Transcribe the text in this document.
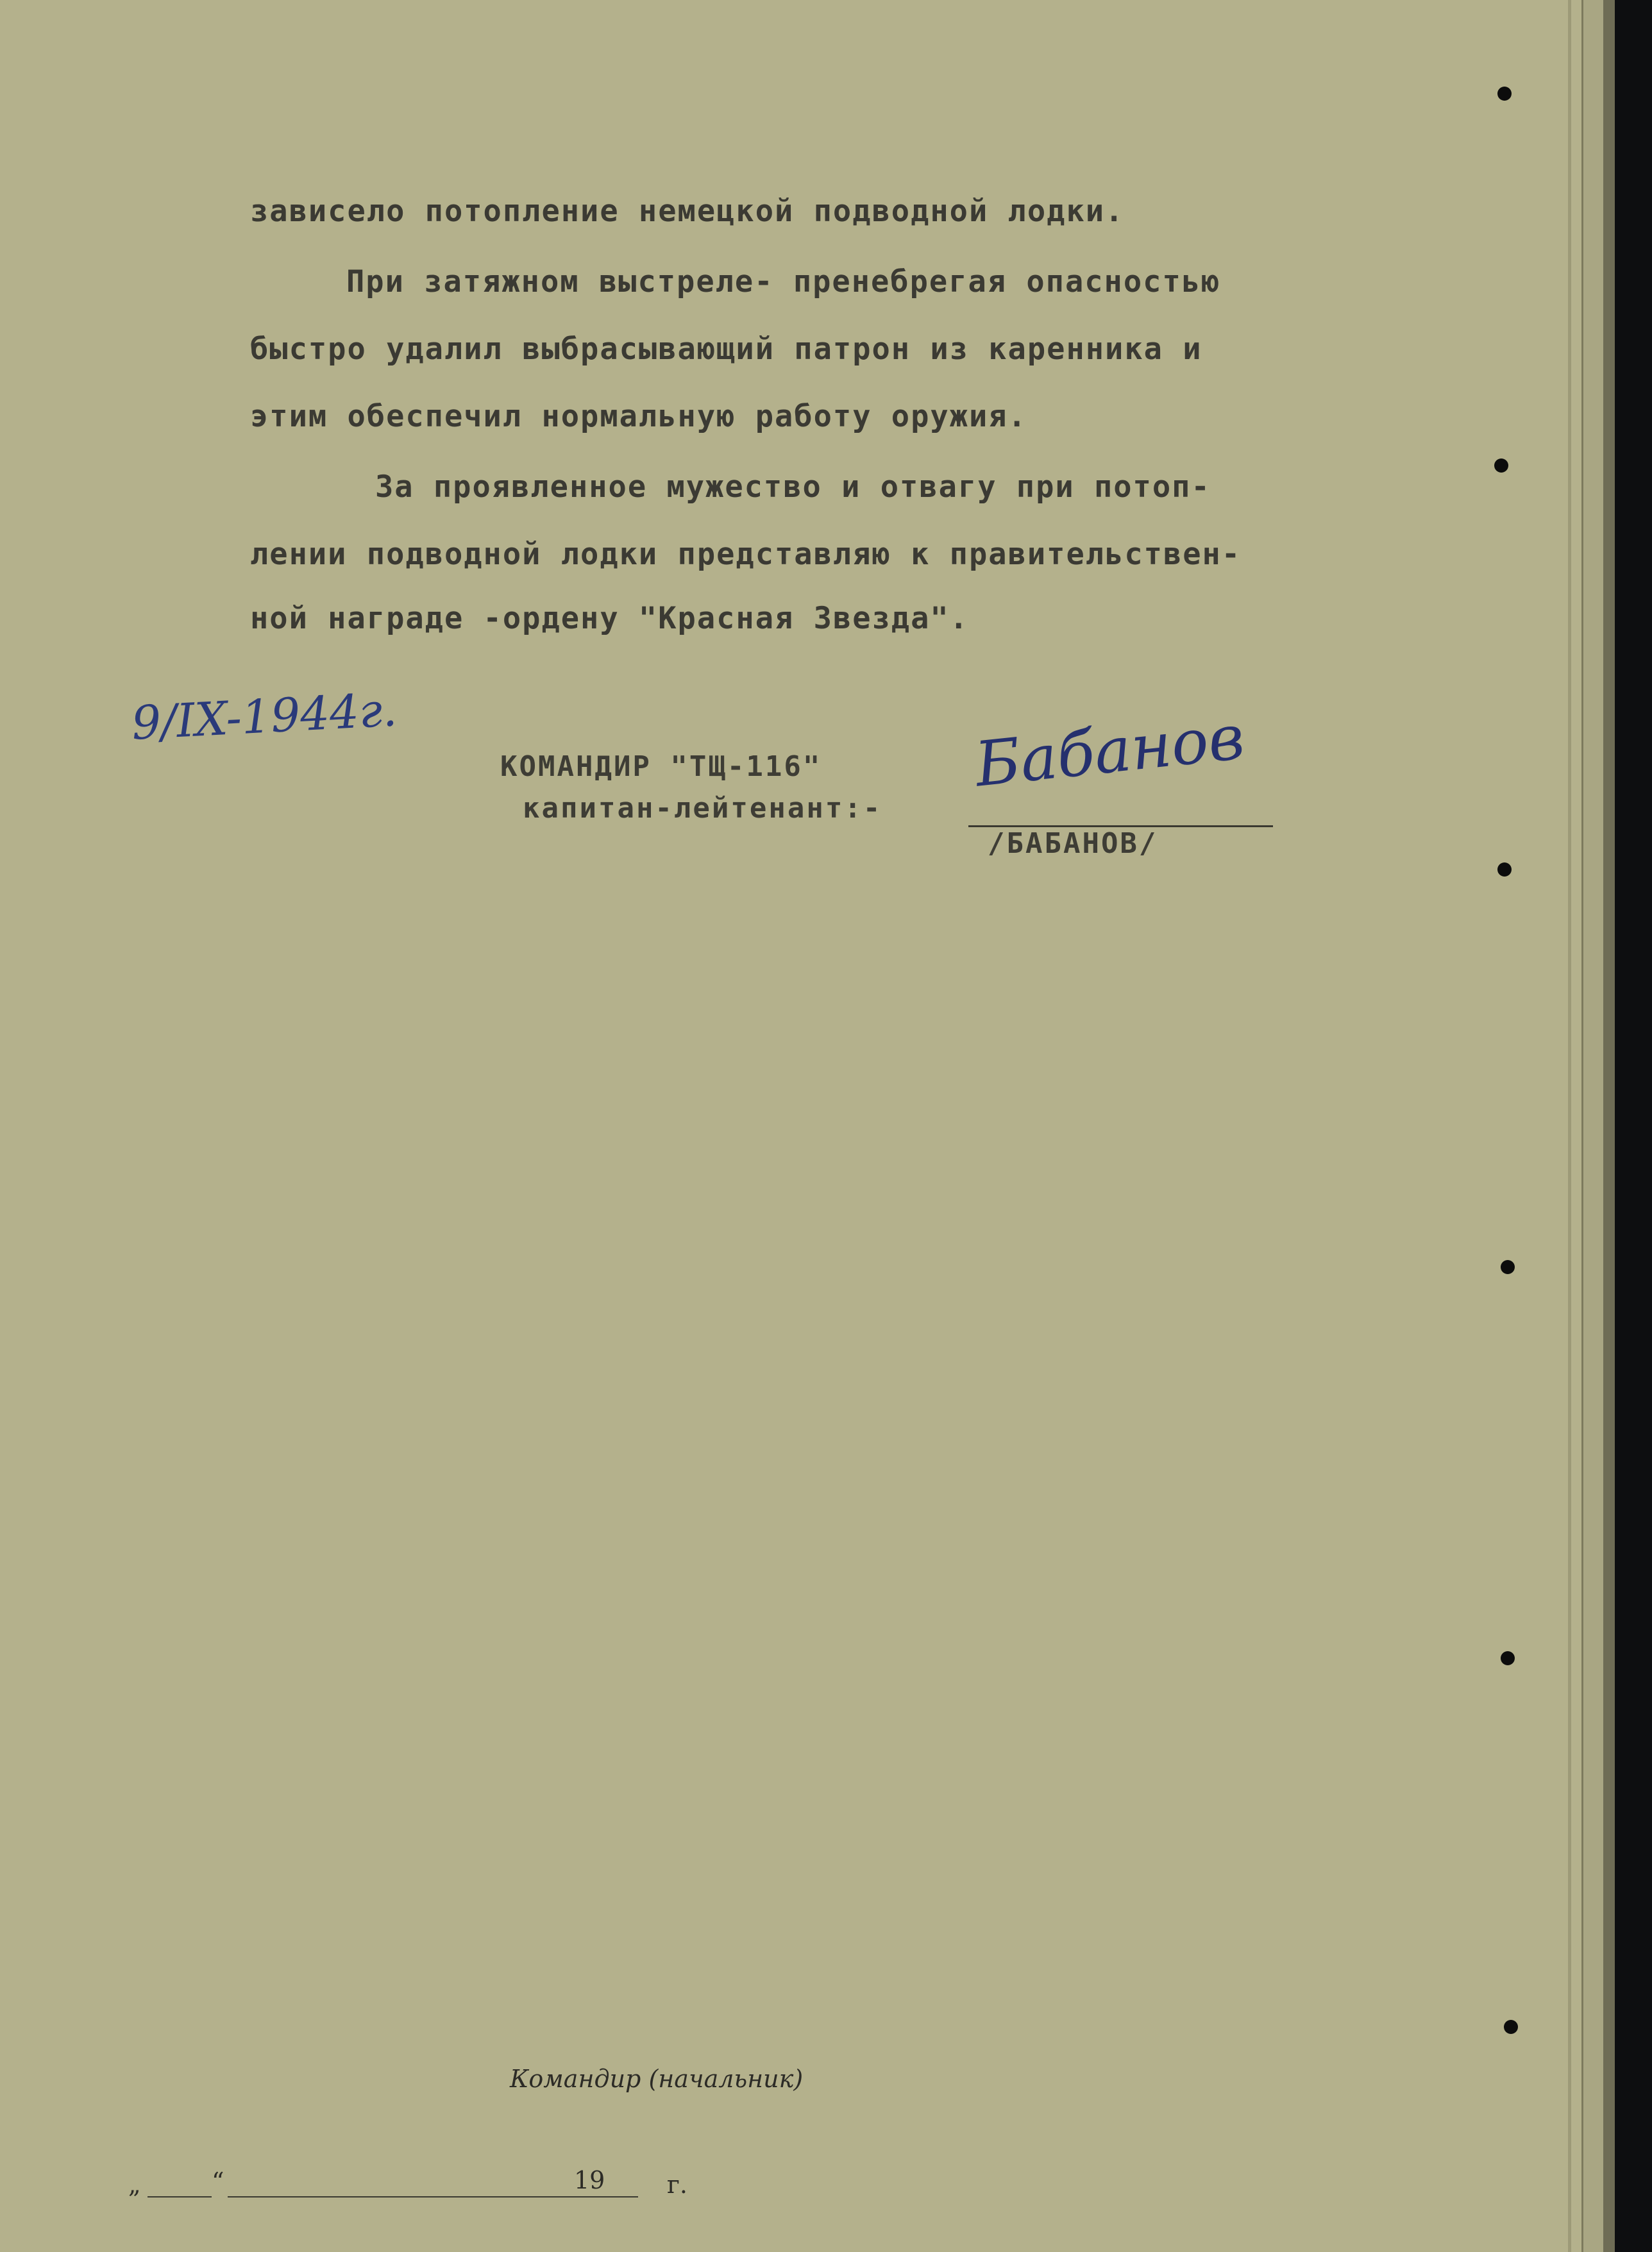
зависело потопление немецкой подводной лодки.

При затяжном выстреле- пренебрегая опасностью

быстро удалил выбрасывающий патрон из каренника и

этим обеспечил нормальную работу оружия.

За проявленное мужество и отвагу при потоп-

лении подводной лодки представляю к правительствен-

ной награде -ордену "Красная Звезда".

9/IX-1944г.

КОМАНДИР "ТЩ-116"

капитан-лейтенант:-

Бабанов

/БАБАНОВ/

Командир (начальник)

„	“	19	г.
